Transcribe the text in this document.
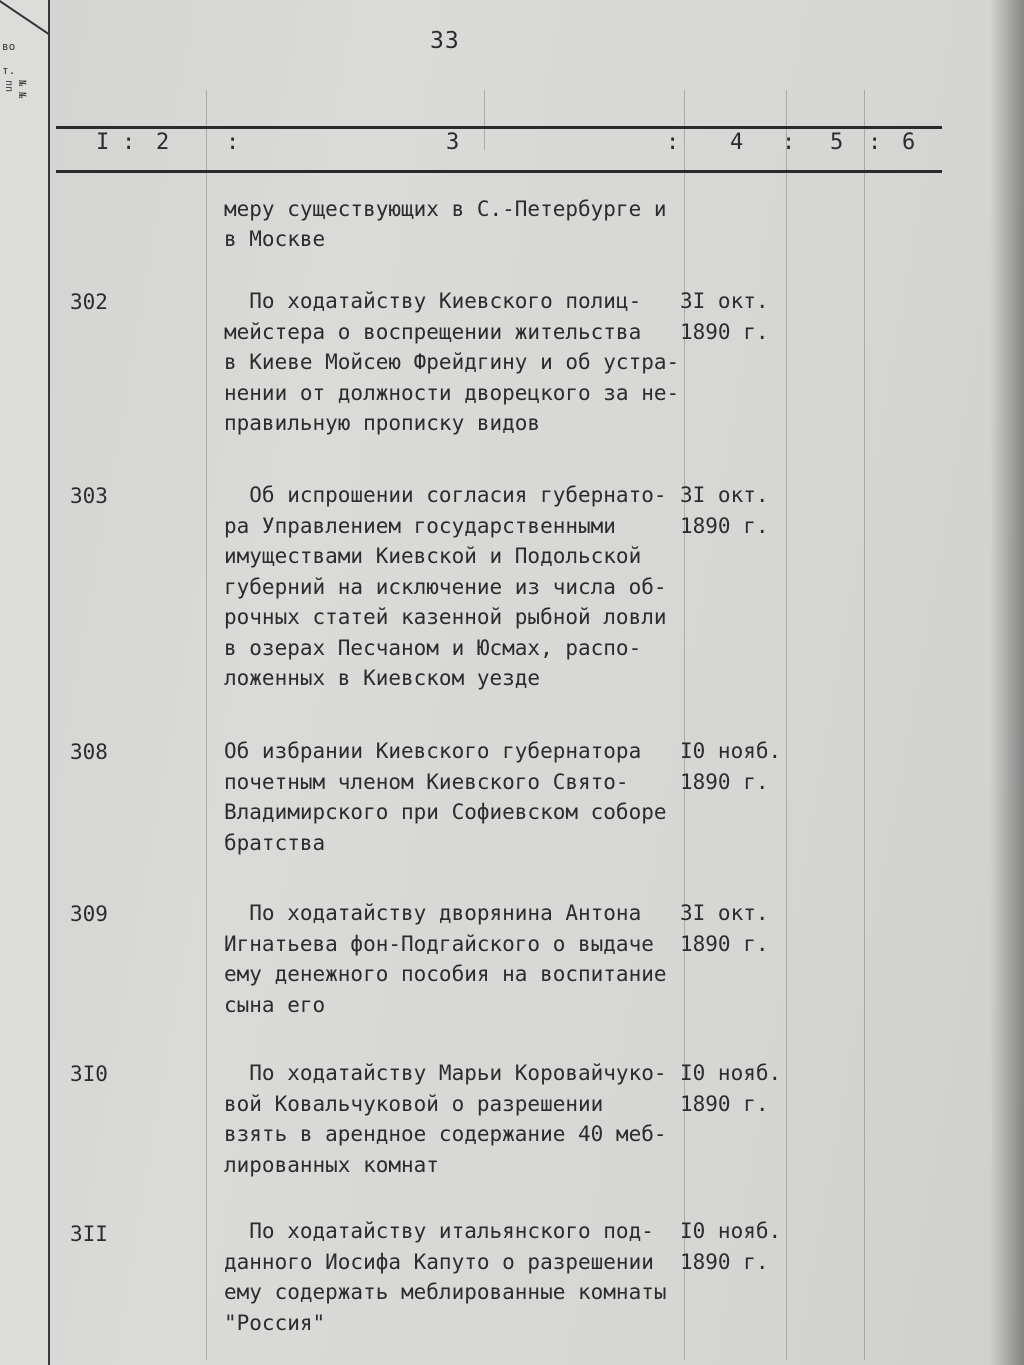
во
т.
№ № пп
33
I : 2	:	3	: 4 : 5 : 6
меру существующих в С.-Петербурге и
в Москве
302	По ходатайству Киевского полиц-
мейстера о воспрещении жительства
в Киеве Мойсею Фрейдгину и об устра-
нении от должности дворецкого за не-
правильную прописку видов
3I окт.
1890 г.
303	Об испрошении согласия губернато-
ра Управлением государственными
имуществами Киевской и Подольской
губерний на исключение из числа об-
рочных статей казенной рыбной ловли
в озерах Песчаном и Юсмах, распо-
ложенных в Киевском уезде
3I окт.
1890 г.
308	Об избрании Киевского губернатора
почетным членом Киевского Свято-
Владимирского при Софиевском соборе
братства
I0 нояб.
1890 г.
309	По ходатайству дворянина Антона
Игнатьева фон-Подгайского о выдаче
ему денежного пособия на воспитание
сына его
3I окт.
1890 г.
3I0	По ходатайству Марьи Коровайчуко-
вой Ковальчуковой о разрешении
взять в арендное содержание 40 меб-
лированных комнат
I0 нояб.
1890 г.
3II	По ходатайству итальянского под-
данного Иосифа Капуто о разрешении
ему содержать меблированные комнаты
"Россия"
I0 нояб.
1890 г.
